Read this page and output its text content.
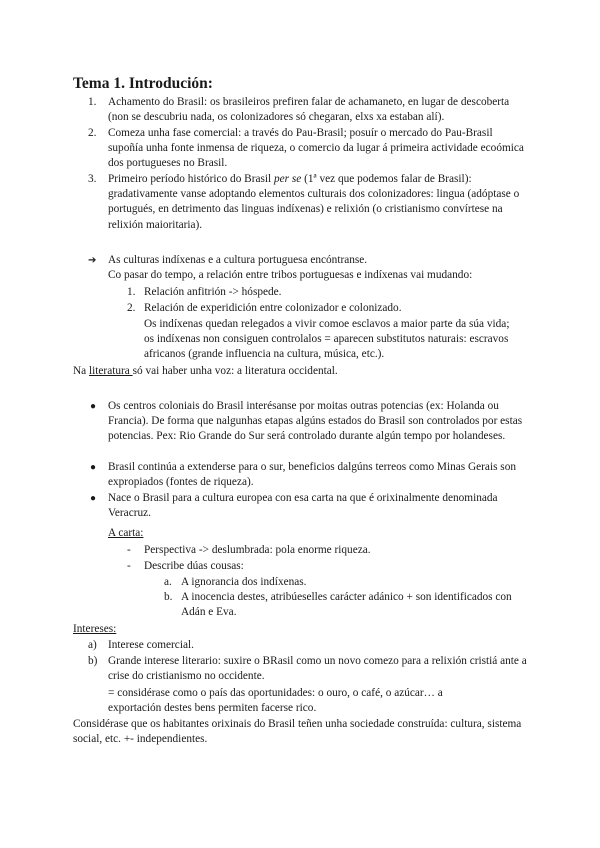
Tema 1. Introdución:
1.	Achamento do Brasil: os brasileiros prefiren falar de achamaneto, en lugar de descoberta (non se descubriu nada, os colonizadores só chegaran, elxs xa estaban alí).
2.	Comeza unha fase comercial: a través do Pau-Brasil; posuír o mercado do Pau-Brasil supoñía unha fonte inmensa de riqueza, o comercio da lugar á primeira actividade ecoómica dos portugueses no Brasil.
3.	Primeiro período histórico do Brasil per se (1ª vez que podemos falar de Brasil): gradativamente vanse adoptando elementos culturais dos colonizadores: lingua (adóptase o portugués, en detrimento das linguas indíxenas) e relixión (o cristianismo convírtese na relixión maioritaria).
➔	As culturas indíxenas e a cultura portuguesa encóntranse.
Co pasar do tempo, a relación entre tribos portuguesas e indíxenas vai mudando:
1. Relación anfitrión -> hóspede.
2. Relación de experidición entre colonizador e colonizado.
Os indíxenas quedan relegados a vivir comoe esclavos a maior parte da súa vida; os indíxenas non consiguen controlalos = aparecen substitutos naturais: escravos africanos (grande influencia na cultura, música, etc.).
Na literatura só vai haber unha voz: a literatura occidental.
●	Os centros coloniais do Brasil interésanse por moitas outras potencias (ex: Holanda ou Francia). De forma que nalgunhas etapas algúns estados do Brasil son controlados por estas potencias. Pex: Rio Grande do Sur será controlado durante algún tempo por holandeses.
●	Brasil continúa a extenderse para o sur, beneficios dalgúns terreos como Minas Gerais son expropiados (fontes de riqueza).
●	Nace o Brasil para a cultura europea con esa carta na que é orixinalmente denominada Veracruz.
A carta:
-	Perspectiva -> deslumbrada: pola enorme riqueza.
-	Describe dúas cousas:
a. A ignorancia dos indíxenas.
b. A inocencia destes, atribúeselles carácter adánico + son identificados con Adán e Eva.
Intereses:
a) Interese comercial.
b) Grande interese literario: suxire o BRasil como un novo comezo para a relixión cristiá ante a crise do cristianismo no occidente.
= considérase como o país das oportunidades: o ouro, o café, o azúcar… a exportación destes bens permiten facerse rico.
Considérase que os habitantes orixinais do Brasil teñen unha sociedade construída: cultura, sistema social, etc. +- independientes.
